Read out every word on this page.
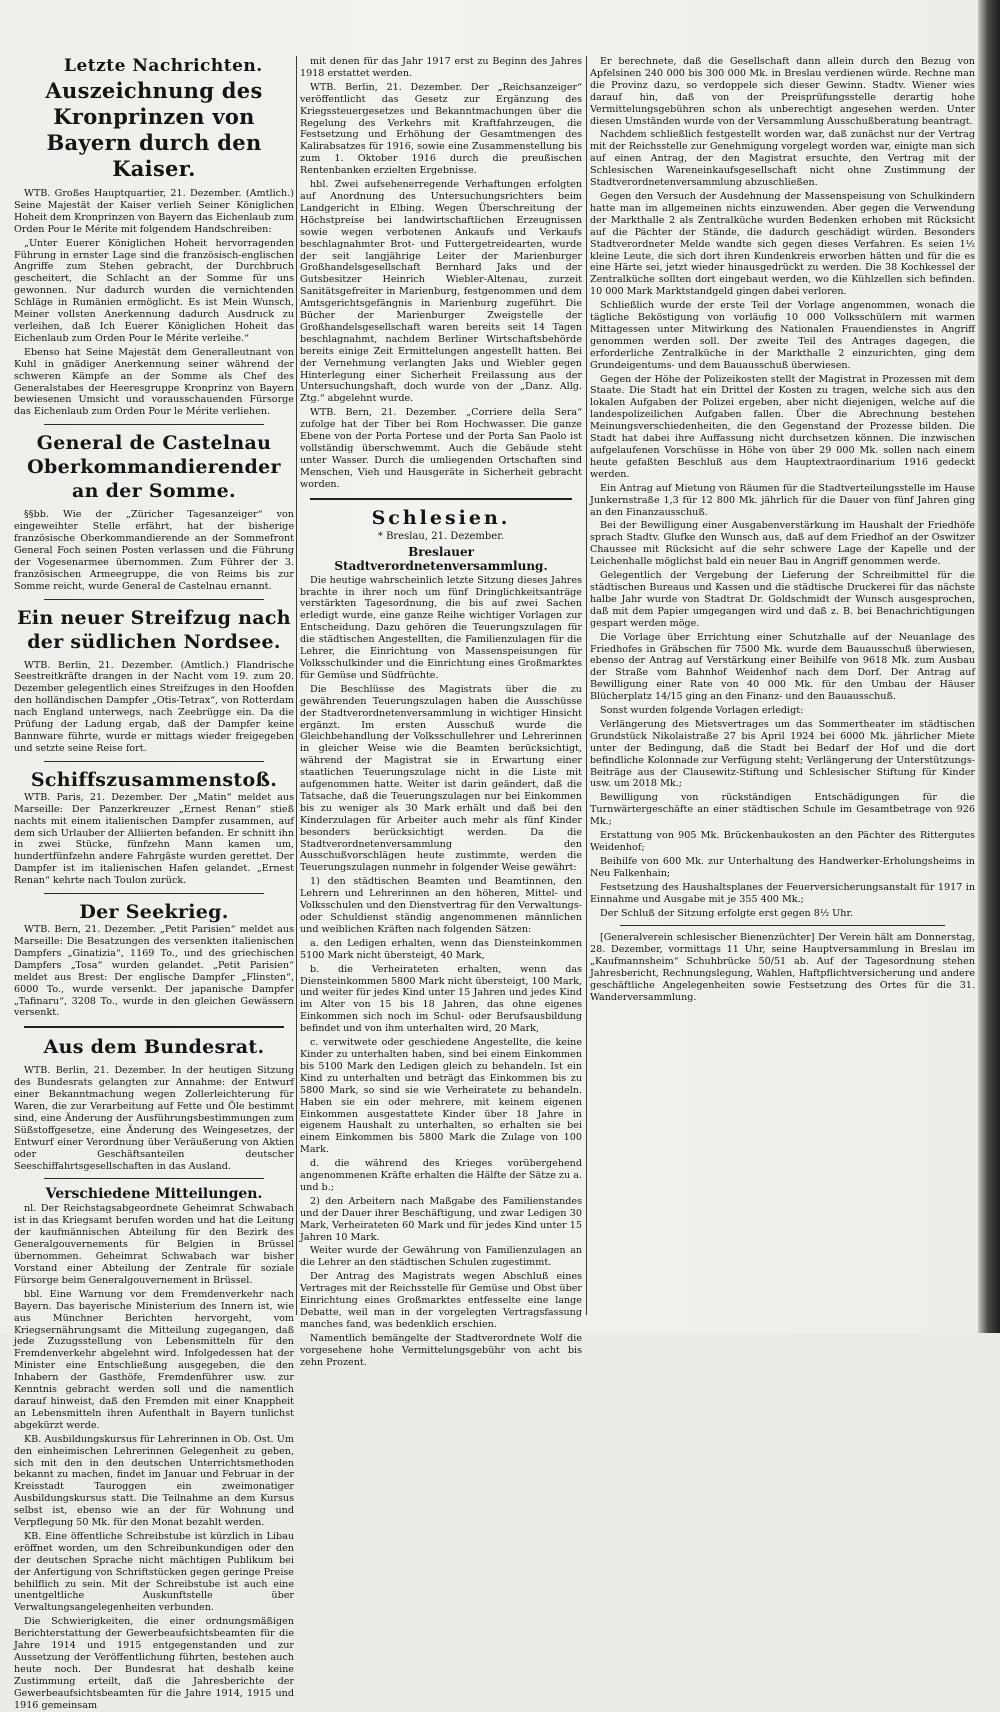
Letzte Nachrichten.
Auszeichnung des Kronprinzen von Bayern durch den Kaiser.

WTB. Großes Hauptquartier, 21. Dezember. (Amtlich.) Seine Majestät der Kaiser verlieh Seiner Königlichen Hoheit dem Kronprinzen von Bayern das Eichenlaub zum Orden Pour le Mérite mit folgendem Handschreiben:

„Unter Euerer Königlichen Hoheit hervorragenden Führung in ernster Lage sind die französisch-englischen Angriffe zum Stehen gebracht, der Durchbruch gescheitert, die Schlacht an der Somme für uns gewonnen. Nur dadurch wurden die vernichtenden Schläge in Rumänien ermöglicht. Es ist Mein Wunsch, Meiner vollsten Anerkennung dadurch Ausdruck zu verleihen, daß Ich Euerer Königlichen Hoheit das Eichenlaub zum Orden Pour le Mérite verleihe.“

Ebenso hat Seine Majestät dem Generalleutnant von Kuhl in gnädiger Anerkennung seiner während der schweren Kämpfe an der Somme als Chef des Generalstabes der Heeresgruppe Kronprinz von Bayern bewiesenen Umsicht und vorausschauenden Fürsorge das Eichenlaub zum Orden Pour le Mérite verliehen.

General de Castelnau Oberkommandierender an der Somme.

§§bb. Wie der „Züricher Tagesanzeiger“ von eingeweihter Stelle erfährt, hat der bisherige französische Oberkommandierende an der Sommefront General Foch seinen Posten verlassen und die Führung der Vogesenarmee übernommen. Zum Führer der 3. französischen Armeegruppe, die von Reims bis zur Somme reicht, wurde General de Castelnau ernannt.

Ein neuer Streifzug nach der südlichen Nordsee.

WTB. Berlin, 21. Dezember. (Amtlich.) Flandrische Seestreitkräfte drangen in der Nacht vom 19. zum 20. Dezember gelegentlich eines Streifzuges in den Hoofden den holländischen Dampfer „Otis-Tetrax“, von Rotterdam nach England unterwegs, nach Zeebrügge ein. Da die Prüfung der Ladung ergab, daß der Dampfer keine Bannware führte, wurde er mittags wieder freigegeben und setzte seine Reise fort.

Schiffszusammenstoß.

WTB. Paris, 21. Dezember. Der „Matin“ meldet aus Marseille: Der Panzerkreuzer „Ernest Renan“ stieß nachts mit einem italienischen Dampfer zusammen, auf dem sich Urlauber der Alliierten befanden. Er schnitt ihn in zwei Stücke, fünfzehn Mann kamen um, hundertfünfzehn andere Fahrgäste wurden gerettet. Der Dampfer ist im italienischen Hafen gelandet. „Ernest Renan“ kehrte nach Toulon zurück.

Der Seekrieg.

WTB. Bern, 21. Dezember. „Petit Parisien“ meldet aus Marseille: Die Besatzungen des versenkten italienischen Dampfers „Ginatizia“, 1169 To., und des griechischen Dampfers „Tosa“ wurden gelandet. „Petit Parisien“ meldet aus Brest: Der englische Dampfer „Flinsten“, 6000 To., wurde versenkt. Der japanische Dampfer „Tafinaru“, 3208 To., wurde in den gleichen Gewässern versenkt.

Aus dem Bundesrat.

WTB. Berlin, 21. Dezember. In der heutigen Sitzung des Bundesrats gelangten zur Annahme: der Entwurf einer Bekanntmachung wegen Zollerleichterung für Waren, die zur Verarbeitung auf Fette und Öle bestimmt sind, eine Änderung der Ausführungsbestimmungen zum Süßstoffgesetze, eine Änderung des Weingesetzes, der Entwurf einer Verordnung über Veräußerung von Aktien oder Geschäftsanteilen deutscher Seeschiffahrtsgesellschaften in das Ausland.

Verschiedene Mitteilungen.

nl. Der Reichstagsabgeordnete Geheimrat Schwabach ist in das Kriegsamt berufen worden und hat die Leitung der kaufmännischen Abteilung für den Bezirk des Generalgouvernements für Belgien in Brüssel übernommen. Geheimrat Schwabach war bisher Vorstand einer Abteilung der Zentrale für soziale Fürsorge beim Generalgouvernement in Brüssel.

bbl. Eine Warnung vor dem Fremdenverkehr nach Bayern. Das bayerische Ministerium des Innern ist, wie aus Münchner Berichten hervorgeht, vom Kriegsernährungsamt die Mitteilung zugegangen, daß jede Zuzugsstellung von Lebensmitteln für den Fremdenverkehr abgelehnt wird. Infolgedessen hat der Minister eine Entschließung ausgegeben, die den Inhabern der Gasthöfe, Fremdenführer usw. zur Kenntnis gebracht werden soll und die namentlich darauf hinweist, daß den Fremden mit einer Knappheit an Lebensmitteln ihren Aufenthalt in Bayern tunlichst abgekürzt werde.

KB. Ausbildungskursus für Lehrerinnen in Ob. Ost. Um den einheimischen Lehrerinnen Gelegenheit zu geben, sich mit den in den deutschen Unterrichtsmethoden bekannt zu machen, findet im Januar und Februar in der Kreisstadt Tauroggen ein zweimonatiger Ausbildungskursus statt. Die Teilnahme an dem Kursus selbst ist, ebenso wie an der für Wohnung und Verpflegung 50 Mk. für den Monat bezahlt werden.

KB. Eine öffentliche Schreibstube ist kürzlich in Libau eröffnet worden, um den Schreibunkundigen oder den der deutschen Sprache nicht mächtigen Publikum bei der Anfertigung von Schriftstücken gegen geringe Preise behilflich zu sein. Mit der Schreibstube ist auch eine unentgeltliche Auskunftstelle über Verwaltungsangelegenheiten verbunden.

Die Schwierigkeiten, die einer ordnungsmäßigen Berichterstattung der Gewerbeaufsichtsbeamten für die Jahre 1914 und 1915 entgegenstanden und zur Aussetzung der Veröffentlichung führten, bestehen auch heute noch. Der Bundesrat hat deshalb keine Zustimmung erteilt, daß die Jahresberichte der Gewerbeaufsichtsbeamten für die Jahre 1914, 1915 und 1916 gemeinsam

mit denen für das Jahr 1917 erst zu Beginn des Jahres 1918 erstattet werden.

WTB. Berlin, 21. Dezember. Der „Reichsanzeiger“ veröffentlicht das Gesetz zur Ergänzung des Kriegssteuergesetzes und Bekanntmachungen über die Regelung des Verkehrs mit Kraftfahrzeugen, die Festsetzung und Erhöhung der Gesamtmengen des Kalirabsatzes für 1916, sowie eine Zusammenstellung bis zum 1. Oktober 1916 durch die preußischen Rentenbanken erzielten Ergebnisse.

hbl. Zwei aufsehenerregende Verhaftungen erfolgten auf Anordnung des Untersuchungsrichters beim Landgericht in Elbing. Wegen Überschreitung der Höchstpreise bei landwirtschaftlichen Erzeugnissen sowie wegen verbotenen Ankaufs und Verkaufs beschlagnahmter Brot- und Futtergetreidearten, wurde der seit langjährige Leiter der Marienburger Großhandelsgesellschaft Bernhard Jaks und der Gutsbesitzer Heinrich Wiebler-Altenau, zurzeit Sanitätsgefreiter in Marienburg, festgenommen und dem Amtsgerichtsgefängnis in Marienburg zugeführt. Die Bücher der Marienburger Zweigstelle der Großhandelsgesellschaft waren bereits seit 14 Tagen beschlagnahmt, nachdem Berliner Wirtschaftsbehörde bereits einige Zeit Ermittelungen angestellt hatten. Bei der Vernehmung verlangten Jaks und Wiebler gegen Hinterlegung einer Sicherheit Freilassung aus der Untersuchungshaft, doch wurde von der „Danz. Allg. Ztg.“ abgelehnt wurde.

WTB. Bern, 21. Dezember. „Corriere della Sera“ zufolge hat der Tiber bei Rom Hochwasser. Die ganze Ebene von der Porta Portese und der Porta San Paolo ist vollständig überschwemmt. Auch die Gebäude steht unter Wasser. Durch die umliegenden Ortschaften sind Menschen, Vieh und Hausgeräte in Sicherheit gebracht worden.

Schlesien.
* Breslau, 21. Dezember.
Breslauer Stadtverordnetenversammlung.

Die heutige wahrscheinlich letzte Sitzung dieses Jahres brachte in ihrer noch um fünf Dringlichkeitsanträge verstärkten Tagesordnung, die bis auf zwei Sachen erledigt wurde, eine ganze Reihe wichtiger Vorlagen zur Entscheidung. Dazu gehören die Teuerungszulagen für die städtischen Angestellten, die Familienzulagen für die Lehrer, die Einrichtung von Massenspeisungen für Volksschulkinder und die Einrichtung eines Großmarktes für Gemüse und Südfrüchte.

Die Beschlüsse des Magistrats über die zu gewährenden Teuerungszulagen haben die Ausschüsse der Stadtverordnetenversammlung in wichtiger Hinsicht ergänzt. Im ersten Ausschuß wurde die Gleichbehandlung der Volksschullehrer und Lehrerinnen in gleicher Weise wie die Beamten berücksichtigt, während der Magistrat sie in Erwartung einer staatlichen Teuerungszulage nicht in die Liste mit aufgenommen hatte. Weiter ist darin geändert, daß die Tatsache, daß die Teuerungszulagen nur bei Einkommen bis zu weniger als 30 Mark erhält und daß bei den Kinderzulagen für Arbeiter auch mehr als fünf Kinder besonders berücksichtigt werden. Da die Stadtverordnetenversammlung den Ausschußvorschlägen heute zustimmte, werden die Teuerungszulagen nunmehr in folgender Weise gewährt:

1) den städtischen Beamten und Beamtinnen, den Lehrern und Lehrerinnen an den höheren, Mittel- und Volksschulen und den Dienstvertrag für den Verwaltungs- oder Schuldienst ständig angenommenen männlichen und weiblichen Kräften nach folgenden Sätzen:

a. den Ledigen erhalten, wenn das Diensteinkommen 5100 Mark nicht übersteigt, 40 Mark,

b. die Verheirateten erhalten, wenn das Diensteinkommen 5800 Mark nicht übersteigt, 100 Mark, und weiter für jedes Kind unter 15 Jahren und jedes Kind im Alter von 15 bis 18 Jahren, das ohne eigenes Einkommen sich noch im Schul- oder Berufsausbildung befindet und von ihm unterhalten wird, 20 Mark,

c. verwitwete oder geschiedene Angestellte, die keine Kinder zu unterhalten haben, sind bei einem Einkommen bis 5100 Mark den Ledigen gleich zu behandeln. Ist ein Kind zu unterhalten und beträgt das Einkommen bis zu 5800 Mark, so sind sie wie Verheiratete zu behandeln. Haben sie ein oder mehrere, mit keinem eigenen Einkommen ausgestattete Kinder über 18 Jahre in eigenem Haushalt zu unterhalten, so erhalten sie bei einem Einkommen bis 5800 Mark die Zulage von 100 Mark.

d. die während des Krieges vorübergehend angenommenen Kräfte erhalten die Hälfte der Sätze zu a. und b.;

2) den Arbeitern nach Maßgabe des Familienstandes und der Dauer ihrer Beschäftigung, und zwar Ledigen 30 Mark, Verheirateten 60 Mark und für jedes Kind unter 15 Jahren 10 Mark.

Weiter wurde der Gewährung von Familienzulagen an die Lehrer an den städtischen Schulen zugestimmt.

Der Antrag des Magistrats wegen Abschluß eines Vertrages mit der Reichsstelle für Gemüse und Obst über Einrichtung eines Großmarktes entfesselte eine lange Debatte, weil man in der vorgelegten Vertragsfassung manches fand, was bedenklich erschien.

Namentlich bemängelte der Stadtverordnete Wolf die vorgesehene hohe Vermittelungsgebühr von acht bis zehn Prozent.

Er berechnete, daß die Gesellschaft dann allein durch den Bezug von Apfelsinen 240 000 bis 300 000 Mk. in Breslau verdienen würde. Rechne man die Provinz dazu, so verdoppele sich dieser Gewinn. Stadtv. Wiener wies darauf hin, daß von der Preisprüfungsstelle derartig hohe Vermittelungsgebühren schon als unberechtigt angesehen werden. Unter diesen Umständen wurde von der Versammlung Ausschußberatung beantragt.

Nachdem schließlich festgestellt worden war, daß zunächst nur der Vertrag mit der Reichsstelle zur Genehmigung vorgelegt worden war, einigte man sich auf einen Antrag, der den Magistrat ersuchte, den Vertrag mit der Schlesischen Wareneinkaufsgesellschaft nicht ohne Zustimmung der Stadtverordnetenversammlung abzuschließen.

Gegen den Versuch der Ausdehnung der Massenspeisung von Schulkindern hatte man im allgemeinen nichts einzuwenden. Aber gegen die Verwendung der Markthalle 2 als Zentralküche wurden Bedenken erhoben mit Rücksicht auf die Pächter der Stände, die dadurch geschädigt würden. Besonders Stadtverordneter Melde wandte sich gegen dieses Verfahren. Es seien 1½ kleine Leute, die sich dort ihren Kundenkreis erworben hätten und für die es eine Härte sei, jetzt wieder hinausgedrückt zu werden. Die 38 Kochkessel der Zentralküche sollten dort eingebaut werden, wo die Kühlzellen sich befinden. 10 000 Mark Marktstandgeld gingen dabei verloren.

Schließlich wurde der erste Teil der Vorlage angenommen, wonach die tägliche Beköstigung von vorläufig 10 000 Volksschülern mit warmen Mittagessen unter Mitwirkung des Nationalen Frauendienstes in Angriff genommen werden soll. Der zweite Teil des Antrages dagegen, die erforderliche Zentralküche in der Markthalle 2 einzurichten, ging dem Grundeigentums- und dem Bauausschuß überwiesen.

Gegen der Höhe der Polizeikosten stellt der Magistrat in Prozessen mit dem Staate. Die Stadt hat ein Drittel der Kosten zu tragen, welche sich aus den lokalen Aufgaben der Polizei ergeben, aber nicht diejenigen, welche auf die landespolizeilichen Aufgaben fallen. Über die Abrechnung bestehen Meinungsverschiedenheiten, die den Gegenstand der Prozesse bilden. Die Stadt hat dabei ihre Auffassung nicht durchsetzen können. Die inzwischen aufgelaufenen Vorschüsse in Höhe von über 29 000 Mk. sollen nach einem heute gefaßten Beschluß aus dem Hauptextraordinarium 1916 gedeckt werden.

Ein Antrag auf Mietung von Räumen für die Stadtverteilungsstelle im Hause Junkernstraße 1,3 für 12 800 Mk. jährlich für die Dauer von fünf Jahren ging an den Finanzausschuß.

Bei der Bewilligung einer Ausgabenverstärkung im Haushalt der Friedhöfe sprach Stadtv. Glufke den Wunsch aus, daß auf dem Friedhof an der Oswitzer Chaussee mit Rücksicht auf die sehr schwere Lage der Kapelle und der Leichenhalle möglichst bald ein neuer Bau in Angriff genommen werde.

Gelegentlich der Vergebung der Lieferung der Schreibmittel für die städtischen Bureaus und Kassen und die städtische Druckerei für das nächste halbe Jahr wurde von Stadtrat Dr. Goldschmidt der Wunsch ausgesprochen, daß mit dem Papier umgegangen wird und daß z. B. bei Benachrichtigungen gespart werden möge.

Die Vorlage über Errichtung einer Schutzhalle auf der Neuanlage des Friedhofes in Gräbschen für 7500 Mk. wurde dem Bauausschuß überwiesen, ebenso der Antrag auf Verstärkung einer Beihilfe von 9618 Mk. zum Ausbau der Straße vom Bahnhof Weidenhof nach dem Dorf. Der Antrag auf Bewilligung einer Rate von 40 000 Mk. für den Umbau der Häuser Blücherplatz 14/15 ging an den Finanz- und den Bauausschuß.

Sonst wurden folgende Vorlagen erledigt:

Verlängerung des Mietsvertrages um das Sommertheater im städtischen Grundstück Nikolaistraße 27 bis April 1924 bei 6000 Mk. jährlicher Miete unter der Bedingung, daß die Stadt bei Bedarf der Hof und die dort befindliche Kolonnade zur Verfügung steht; Verlängerung der Unterstützungs-Beiträge aus der Clausewitz-Stiftung und Schlesischer Stiftung für Kinder usw. um 2018 Mk.;

Bewilligung von rückständigen Entschädigungen für die Turnwärtergeschäfte an einer städtischen Schule im Gesamtbetrage von 926 Mk.;

Erstattung von 905 Mk. Brückenbaukosten an den Pächter des Rittergutes Weidenhof;

Beihilfe von 600 Mk. zur Unterhaltung des Handwerker-Erholungsheims in Neu Falkenhain;

Festsetzung des Haushaltsplanes der Feuerversicherungsanstalt für 1917 in Einnahme und Ausgabe mit je 355 400 Mk.;

Der Schluß der Sitzung erfolgte erst gegen 8½ Uhr.

[Generalverein schlesischer Bienenzüchter] Der Verein hält am Donnerstag, 28. Dezember, vormittags 11 Uhr, seine Hauptversammlung in Breslau im „Kaufmannsheim“ Schuhbrücke 50/51 ab. Auf der Tagesordnung stehen Jahresbericht, Rechnungslegung, Wahlen, Haftpflichtversicherung und andere geschäftliche Angelegenheiten sowie Festsetzung des Ortes für die 31. Wanderversammlung.
